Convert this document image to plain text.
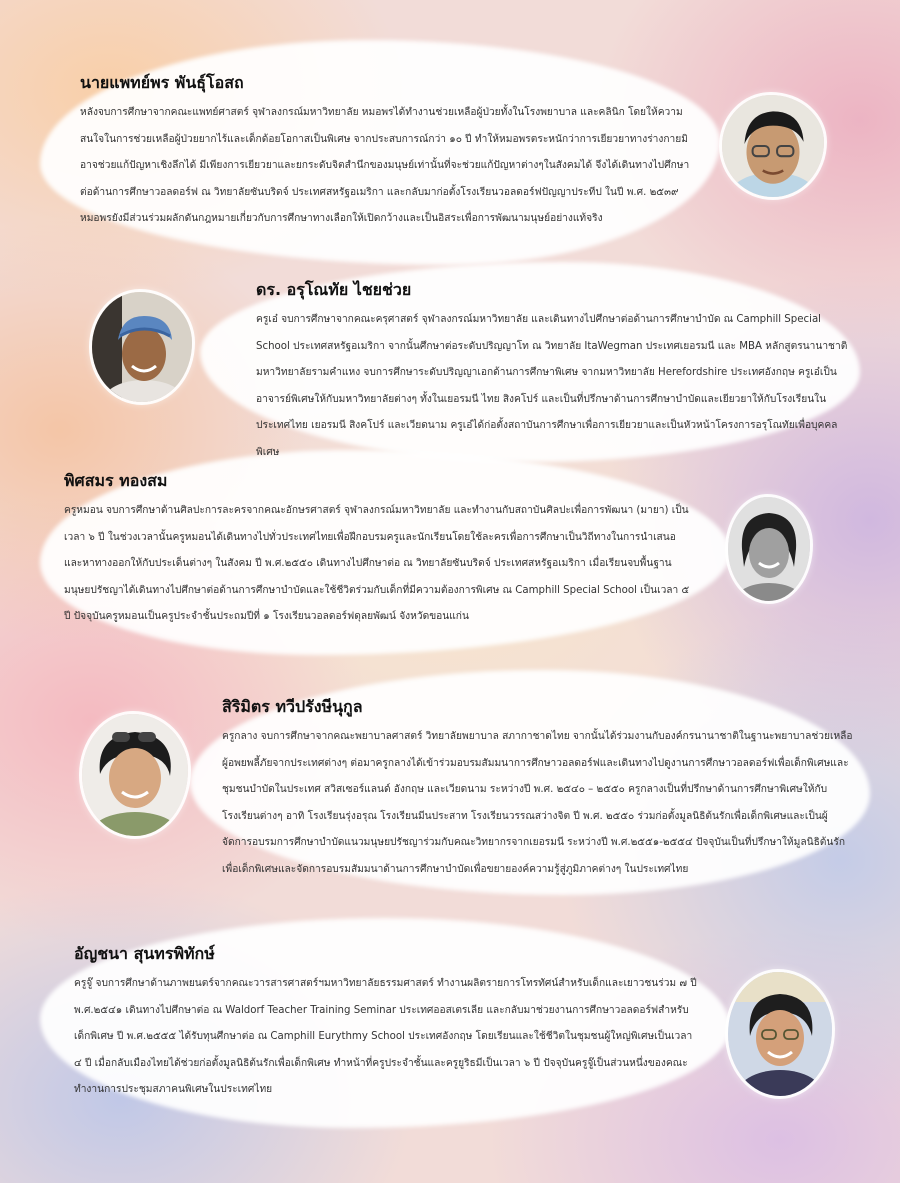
นายแพทย์พร พันธุ์โอสถ

หลังจบการศึกษาจากคณะแพทย์ศาสตร์ จุฬาลงกรณ์มหาวิทยาลัย หมอพรได้ทำงานช่วยเหลือผู้ป่วยทั้งในโรงพยาบาล และคลินิก โดยให้ความสนใจในการช่วยเหลือผู้ป่วยยากไร้และเด็กด้อยโอกาสเป็นพิเศษ จากประสบการณ์กว่า ๑๐ ปี ทำให้หมอพรตระหนักว่าการเยียวยาทางร่างกายมิอาจช่วยแก้ปัญหาเชิงลึกได้ มีเพียงการเยียวยาและยกระดับจิตสำนึกของมนุษย์เท่านั้นที่จะช่วยแก้ปัญหาต่างๆในสังคมได้ จึงได้เดินทางไปศึกษาต่อด้านการศึกษาวอลดอร์ฟ ณ วิทยาลัยซันบริดจ์ ประเทศสหรัฐอเมริกา และกลับมาก่อตั้งโรงเรียนวอลดอร์ฟปัญญาประทีป ในปี พ.ศ. ๒๕๓๙ หมอพรยังมีส่วนร่วมผลักดันกฎหมายเกี่ยวกับการศึกษาทางเลือกให้เปิดกว้างและเป็นอิสระเพื่อการพัฒนามนุษย์อย่างแท้จริง

ดร. อรุโณทัย ไชยช่วย

ครูเอ๋ จบการศึกษาจากคณะครุศาสตร์ จุฬาลงกรณ์มหาวิทยาลัย และเดินทางไปศึกษาต่อด้านการศึกษาบำบัด ณ Camphill Special School ประเทศสหรัฐอเมริกา จากนั้นศึกษาต่อระดับปริญญาโท ณ วิทยาลัย ItaWegman ประเทศเยอรมนี และ MBA หลักสูตรนานาชาติ มหาวิทยาลัยรามคำแหง จบการศึกษาระดับปริญญาเอกด้านการศึกษาพิเศษ จากมหาวิทยาลัย Herefordshire ประเทศอังกฤษ ครูเอ๋เป็นอาจารย์พิเศษให้กับมหาวิทยาลัยต่างๆ ทั้งในเยอรมนี ไทย สิงคโปร์ และเป็นที่ปรึกษาด้านการศึกษาบำบัดและเยียวยาให้กับโรงเรียนในประเทศไทย เยอรมนี สิงคโปร์ และเวียดนาม ครูเอ๋ได้ก่อตั้งสถาบันการศึกษาเพื่อการเยียวยาและเป็นหัวหน้าโครงการอรุโณทัยเพื่อบุคคลพิเศษ

พิศสมร ทองสม

ครูหมอน จบการศึกษาด้านศิลปะการละครจากคณะอักษรศาสตร์ จุฬาลงกรณ์มหาวิทยาลัย และทำงานกับสถาบันศิลปะเพื่อการพัฒนา (มายา) เป็นเวลา ๖ ปี ในช่วงเวลานั้นครูหมอนได้เดินทางไปทั่วประเทศไทยเพื่อฝึกอบรมครูและนักเรียนโดยใช้ละครเพื่อการศึกษาเป็นวิถีทางในการนำเสนอและหาทางออกให้กับประเด็นต่างๆ ในสังคม ปี พ.ศ.๒๕๕๐ เดินทางไปศึกษาต่อ ณ วิทยาลัยซันบริดจ์ ประเทศสหรัฐอเมริกา เมื่อเรียนจบพื้นฐานมนุษยปรัชญาได้เดินทางไปศึกษาต่อด้านการศึกษาบำบัดและใช้ชีวิตร่วมกับเด็กที่มีความต้องการพิเศษ ณ Camphill Special School เป็นเวลา ๕ ปี ปัจจุบันครูหมอนเป็นครูประจำชั้นประถมปีที่ ๑ โรงเรียนวอลดอร์ฟดุลยพัฒน์ จังหวัดขอนแก่น

สิริมิตร ทวีปรังษีนุกูล

ครูกลาง จบการศึกษาจากคณะพยาบาลศาสตร์ วิทยาลัยพยาบาล สภากาชาดไทย จากนั้นได้ร่วมงานกับองค์กรนานาชาติในฐานะพยาบาลช่วยเหลือผู้อพยพลี้ภัยจากประเทศต่างๆ ต่อมาครูกลางได้เข้าร่วมอบรมสัมมนาการศึกษาวอลดอร์ฟและเดินทางไปดูงานการศึกษาวอลดอร์ฟเพื่อเด็กพิเศษและชุมชนบำบัดในประเทศ สวิสเซอร์แลนด์ อังกฤษ และเวียดนาม ระหว่างปี พ.ศ. ๒๕๔๐ – ๒๕๕๐ ครูกลางเป็นที่ปรึกษาด้านการศึกษาพิเศษให้กับโรงเรียนต่างๆ อาทิ โรงเรียนรุ่งอรุณ โรงเรียนมีนประสาท โรงเรียนวรรณสว่างจิต ปี พ.ศ. ๒๕๕๐ ร่วมก่อตั้งมูลนิธิต้นรักเพื่อเด็กพิเศษและเป็นผู้จัดการอบรมการศึกษาบำบัดแนวมนุษยปรัชญาร่วมกับคณะวิทยากรจากเยอรมนี ระหว่างปี พ.ศ.๒๕๕๑-๒๕๕๔ ปัจจุบันเป็นที่ปรึกษาให้มูลนิธิต้นรักเพื่อเด็กพิเศษและจัดการอบรมสัมมนาด้านการศึกษาบำบัดเพื่อขยายองค์ความรู้สู่ภูมิภาคต่างๆ ในประเทศไทย

อัญชนา สุนทรพิทักษ์

ครูจู๊ จบการศึกษาด้านภาพยนตร์จากคณะวารสารศาสตร์ฯมหาวิทยาลัยธรรมศาสตร์ ทำงานผลิตรายการโทรทัศน์สำหรับเด็กและเยาวชนร่วม ๗ ปี พ.ศ.๒๕๔๑ เดินทางไปศึกษาต่อ ณ Waldorf Teacher Training Seminar ประเทศออสเตรเลีย และกลับมาช่วยงานการศึกษาวอลดอร์ฟสำหรับเด็กพิเศษ ปี พ.ศ.๒๕๕๕ ได้รับทุนศึกษาต่อ ณ Camphill Eurythmy School ประเทศอังกฤษ โดยเรียนและใช้ชีวิตในชุมชนผู้ใหญ่พิเศษเป็นเวลา ๔ ปี เมื่อกลับเมืองไทยได้ช่วยก่อตั้งมูลนิธิต้นรักเพื่อเด็กพิเศษ ทำหน้าที่ครูประจำชั้นและครูยูริธมีเป็นเวลา ๖ ปี ปัจจุบันครูจู๊เป็นส่วนหนึ่งของคณะทำงานการประชุมสภาคนพิเศษในประเทศไทย
